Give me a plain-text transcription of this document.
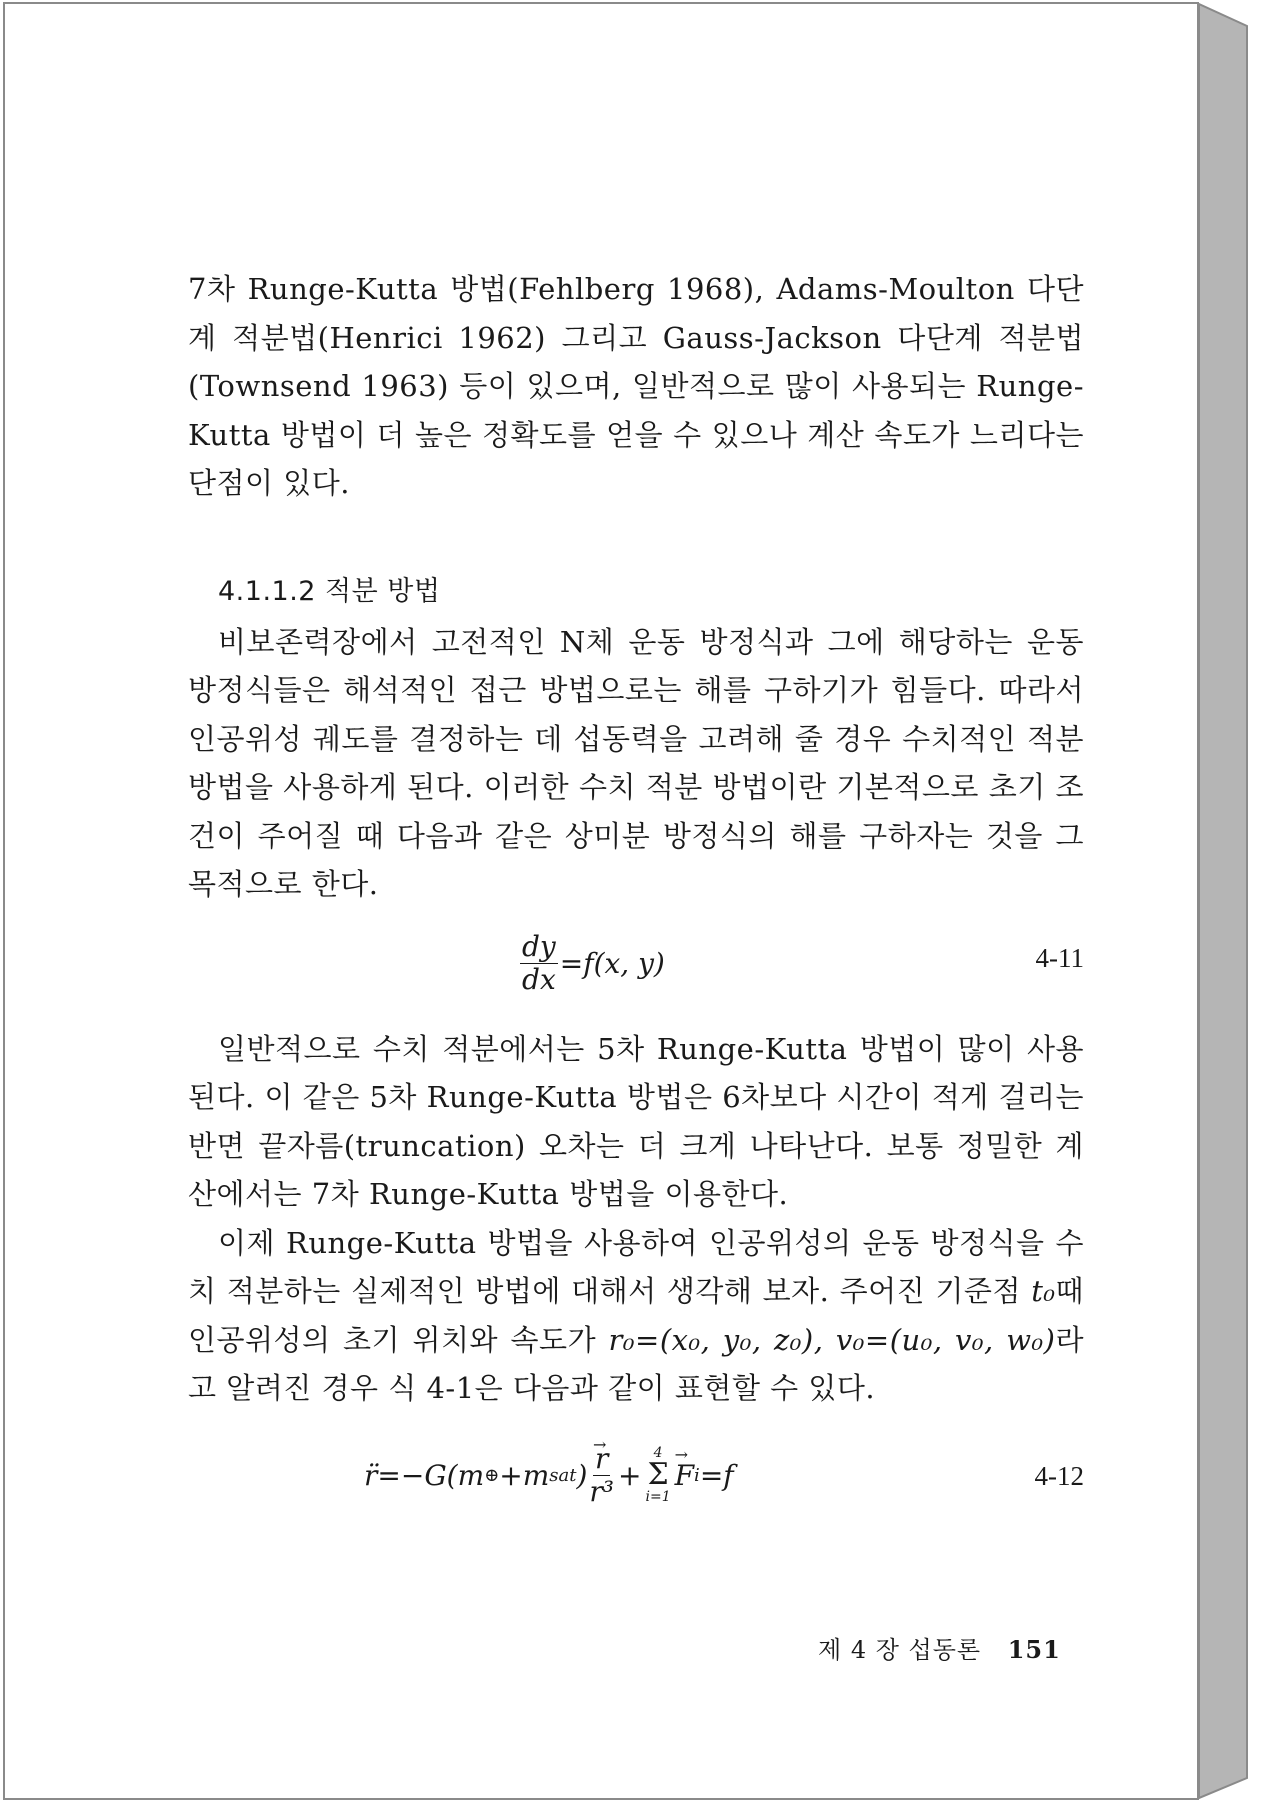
7차 Runge-Kutta 방법(Fehlberg 1968), Adams-Moulton 다단계 적분법(Henrici 1962) 그리고 Gauss-Jackson 다단계 적분법 (Townsend 1963) 등이 있으며, 일반적으로 많이 사용되는 Runge-Kutta 방법이 더 높은 정확도를 얻을 수 있으나 계산 속도가 느리다는 단점이 있다.

4.1.1.2 적분 방법

비보존력장에서 고전적인 N체 운동 방정식과 그에 해당하는 운동 방정식들은 해석적인 접근 방법으로는 해를 구하기가 힘들다. 따라서 인공위성 궤도를 결정하는 데 섭동력을 고려해 줄 경우 수치적인 적분 방법을 사용하게 된다. 이러한 수치 적분 방법이란 기본적으로 초기 조건이 주어질 때 다음과 같은 상미분 방정식의 해를 구하자는 것을 그 목적으로 한다.

$\frac{dy}{dx} =f(x$, y)	4-11

일반적으로 수치 적분에서는 5차 Runge-Kutta 방법이 많이 사용된다. 이 같은 5차 Runge-Kutta 방법은 6차보다 시간이 적게 걸리는 반면 끝자름(truncation) 오차는 더 크게 나타난다. 보통 정밀한 계산에서는 7차 Runge-Kutta 방법을 이용한다.

이제 Runge-Kutta 방법을 사용하여 인공위성의 운동 방정식을 수치 적분하는 실제적인 방법에 대해서 생각해 보자. 주어진 기준점 t₀때 인공위성의 초기 위치와 속도가 r₀=(x₀, y₀, z₀), v₀=(u₀, v₀, w₀)라고 알려진 경우 식 4-1은 다음과 같이 표현할 수 있다.

r̈ =−G(m ⊕ +m sat )
→ $\frac{r}{\text{r³}}$ +
4
Σ
i=1
→ F i =f	4-12
제 4 장 섭동론 151
